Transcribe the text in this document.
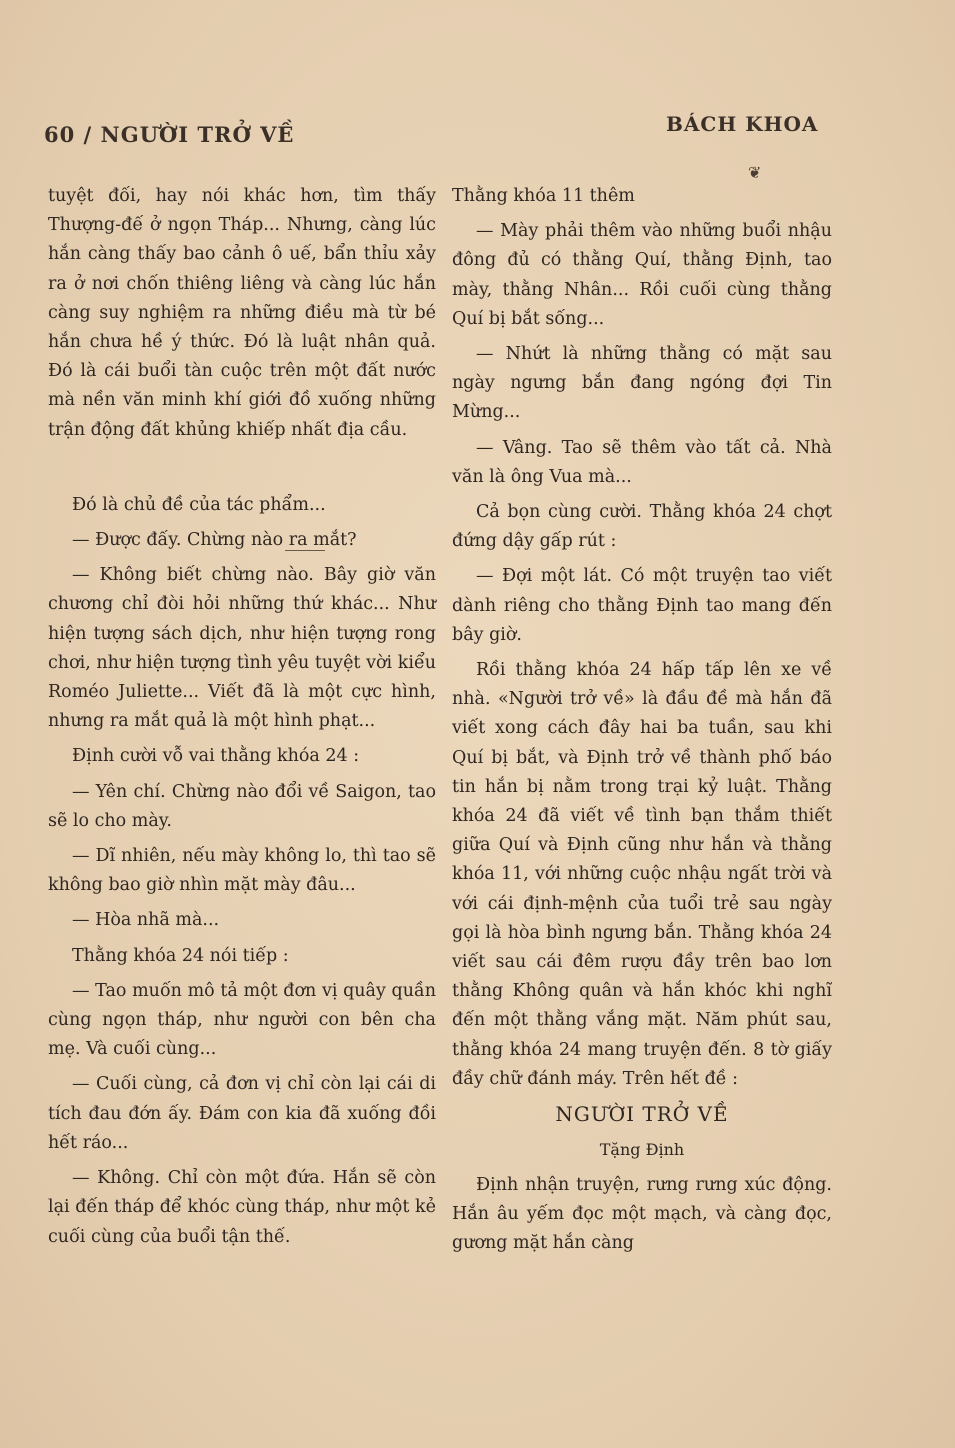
60 / NGƯỜI TRỞ VỀ	BÁCH KHOA
❦

tuyệt đối, hay nói khác hơn, tìm thấy Thượng-đế ở ngọn Tháp... Nhưng, càng lúc hắn càng thấy bao cảnh ô uế, bẩn thỉu xảy ra ở nơi chốn thiêng liêng và càng lúc hắn càng suy nghiệm ra những điều mà từ bé hắn chưa hề ý thức. Đó là luật nhân quả. Đó là cái buổi tàn cuộc trên một đất nước mà nền văn minh khí giới đồ xuống những trận động đất khủng khiếp nhất địa cầu.

Đó là chủ đề của tác phẩm...

— Được đấy. Chừng nào ra mắt?

— Không biết chừng nào. Bây giờ văn chương chỉ đòi hỏi những thứ khác... Như hiện tượng sách dịch, như hiện tượng rong chơi, như hiện tượng tình yêu tuyệt vời kiểu Roméo Juliette... Viết đã là một cực hình, nhưng ra mắt quả là một hình phạt...

Định cười vỗ vai thằng khóa 24 :

— Yên chí. Chừng nào đổi về Saigon, tao sẽ lo cho mày.

— Dĩ nhiên, nếu mày không lo, thì tao sẽ không bao giờ nhìn mặt mày đâu...

— Hòa nhã mà...

Thằng khóa 24 nói tiếp :

— Tao muốn mô tả một đơn vị quây quần cùng ngọn tháp, như người con bên cha mẹ. Và cuối cùng...

— Cuối cùng, cả đơn vị chỉ còn lại cái di tích đau đớn ấy. Đám con kia đã xuống đồi hết ráo...

— Không. Chỉ còn một đứa. Hắn sẽ còn lại đến tháp để khóc cùng tháp, như một kẻ cuối cùng của buổi tận thế.

Thằng khóa 11 thêm

— Mày phải thêm vào những buổi nhậu đông đủ có thằng Quí, thằng Định, tao mày, thằng Nhân... Rồi cuối cùng thằng Quí bị bắt sống...

— Nhứt là những thằng có mặt sau ngày ngưng bắn đang ngóng đợi Tin Mừng...

— Vâng. Tao sẽ thêm vào tất cả. Nhà văn là ông Vua mà...

Cả bọn cùng cười. Thằng khóa 24 chợt đứng dậy gấp rút :

— Đợi một lát. Có một truyện tao viết dành riêng cho thằng Định tao mang đến bây giờ.

Rồi thằng khóa 24 hấp tấp lên xe về nhà. «Người trở về» là đầu đề mà hắn đã viết xong cách đây hai ba tuần, sau khi Quí bị bắt, và Định trở về thành phố báo tin hắn bị nằm trong trại kỷ luật. Thằng khóa 24 đã viết về tình bạn thắm thiết giữa Quí và Định cũng như hắn và thằng khóa 11, với những cuộc nhậu ngất trời và với cái định-mệnh của tuổi trẻ sau ngày gọi là hòa bình ngưng bắn. Thằng khóa 24 viết sau cái đêm rượu đầy trên bao lơn thằng Không quân và hắn khóc khi nghĩ đến một thằng vắng mặt. Năm phút sau, thằng khóa 24 mang truyện đến. 8 tờ giấy đầy chữ đánh máy. Trên hết đề :

NGƯỜI TRỞ VỀ

Tặng Định

Định nhận truyện, rưng rưng xúc động. Hắn âu yếm đọc một mạch, và càng đọc, gương mặt hắn càng
